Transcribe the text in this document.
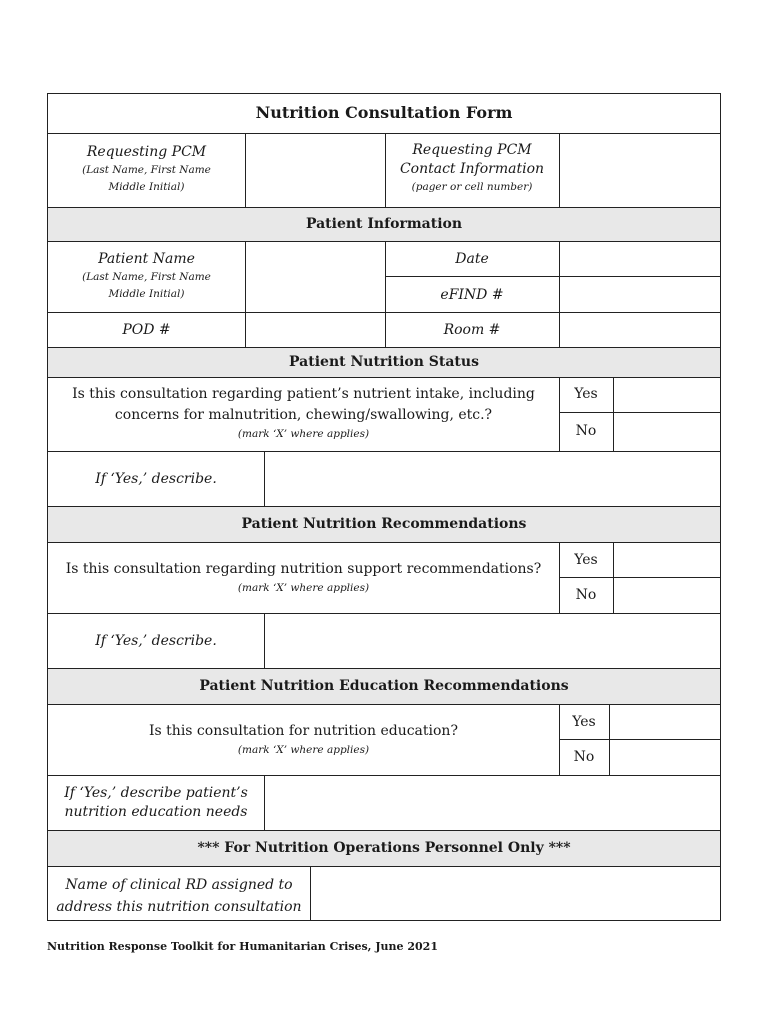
Nutrition Consultation Form
Requesting PCM
(Last Name, First Name Middle Initial)
Requesting PCM
Contact Information
(pager or cell number)
Patient Information
Patient Name
(Last Name, First Name Middle Initial)
Date
eFIND #
POD #	Room #
Patient Nutrition Status
Is this consultation regarding patient’s nutrient intake, including
concerns for malnutrition, chewing/swallowing, etc.?
(mark ‘X’ where applies)
Yes
No
If ‘Yes,’ describe.
Patient Nutrition Recommendations
Is this consultation regarding nutrition support recommendations?
(mark ‘X’ where applies)
Yes
No
If ‘Yes,’ describe.
Patient Nutrition Education Recommendations
Is this consultation for nutrition education?
(mark ‘X’ where applies)
Yes
No
If ‘Yes,’ describe patient’s
nutrition education needs
*** For Nutrition Operations Personnel Only ***
Name of clinical RD assigned to
address this nutrition consultation
Nutrition Response Toolkit for Humanitarian Crises, June 2021
